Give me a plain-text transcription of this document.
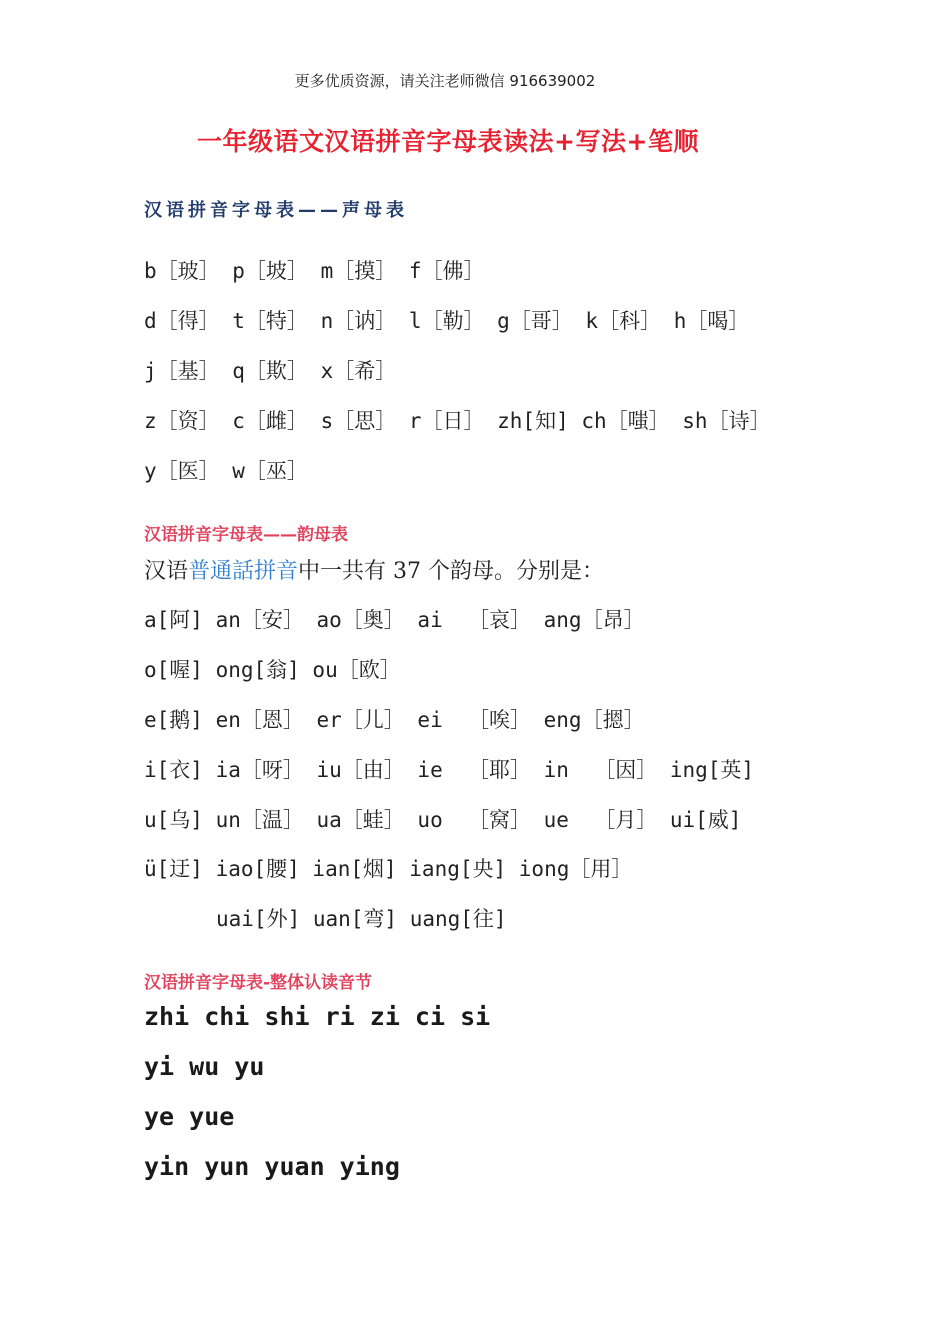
更多优质资源，请关注老师微信 916639002
一年级语文汉语拼音字母表读法+写法+笔顺
汉语拼音字母表——声母表
b［玻］ p［坡］ m［摸］ f［佛］
d［得］ t［特］ n［讷］ l［勒］ g［哥］ k［科］ h［喝］
j［基］ q［欺］ x［希］
z［资］ c［雌］ s［思］ r［日］ zh[知] ch［嗤］ sh［诗］
y［医］ w［巫］
汉语拼音字母表——韵母表
汉语普通話拼音中一共有 37 个韵母。分别是：
a[阿] an［安］ ao［奥］ ai  ［哀］ ang［昂］
o[喔] ong[翁] ou［欧］
e[鹅] en［恩］ er［儿］ ei  ［唉］ eng［摁］
i[衣] ia［呀］ iu［由］ ie  ［耶］ in  ［因］ ing[英]
u[乌] un［温］ ua［蛙］ uo  ［窝］ ue  ［月］ ui[威]
ü[迂] iao[腰] ian[烟] iang[央] iong［用］
uai[外] uan[弯] uang[往]
汉语拼音字母表-整体认读音节
zhi chi shi ri zi ci si
yi wu yu
ye yue
yin yun yuan ying
